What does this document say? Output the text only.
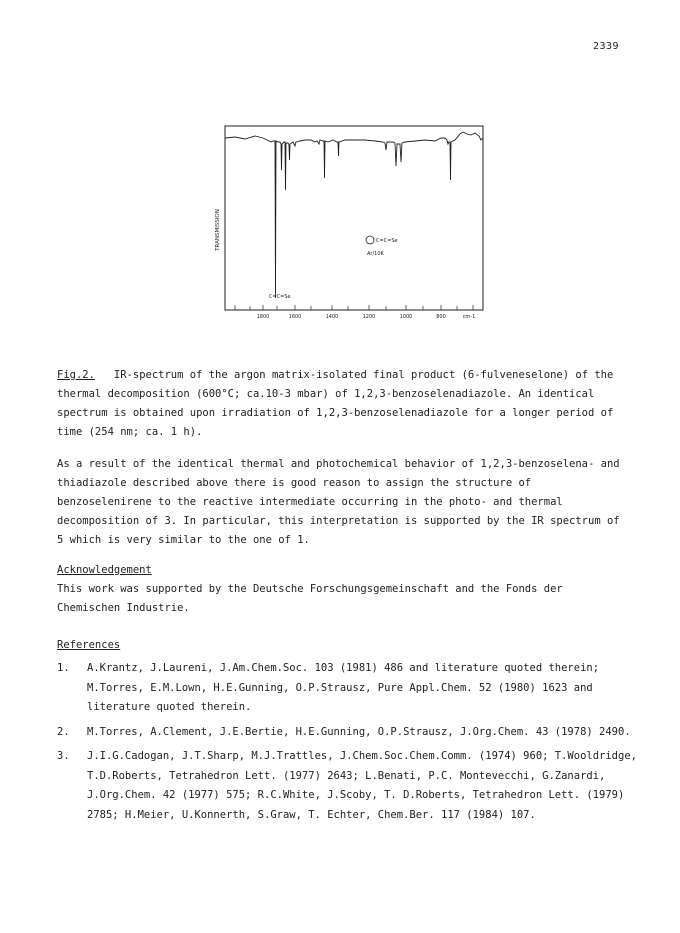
2339
TRANSMISSION	C=C=Se
Ar/10K
C=C=Se
1800	1600	1400	1200	1000	800	cm-1

Fig.2. IR-spectrum of the argon matrix-isolated final product (6-fulveneselone) of the thermal decomposition (600°C; ca.10-3 mbar) of 1,2,3-benzoselenadiazole. An identical spectrum is obtained upon irradiation of 1,2,3-benzoselenadiazole for a longer period of time (254 nm; ca. 1 h).

As a result of the identical thermal and photochemical behavior of 1,2,3-benzoselena- and thiadiazole described above there is good reason to assign the structure of benzoselenirene to the reactive intermediate occurring in the photo- and thermal decomposition of 3. In particular, this interpretation is supported by the IR spectrum of 5 which is very similar to the one of 1.

Acknowledgement

This work was supported by the Deutsche Forschungsgemeinschaft and the Fonds der Chemischen Industrie.

References
1.	A.Krantz, J.Laureni, J.Am.Chem.Soc. 103 (1981) 486 and literature quoted therein; M.Torres, E.M.Lown, H.E.Gunning, O.P.Strausz, Pure Appl.Chem. 52 (1980) 1623 and literature quoted therein.
2.	M.Torres, A.Clement, J.E.Bertie, H.E.Gunning, O.P.Strausz, J.Org.Chem. 43 (1978) 2490.
3.	J.I.G.Cadogan, J.T.Sharp, M.J.Trattles, J.Chem.Soc.Chem.Comm. (1974) 960; T.Wooldridge, T.D.Roberts, Tetrahedron Lett. (1977) 2643; L.Benati, P.C. Montevecchi, G.Zanardi, J.Org.Chem. 42 (1977) 575; R.C.White, J.Scoby, T. D.Roberts, Tetrahedron Lett. (1979) 2785; H.Meier, U.Konnerth, S.Graw, T. Echter, Chem.Ber. 117 (1984) 107.
